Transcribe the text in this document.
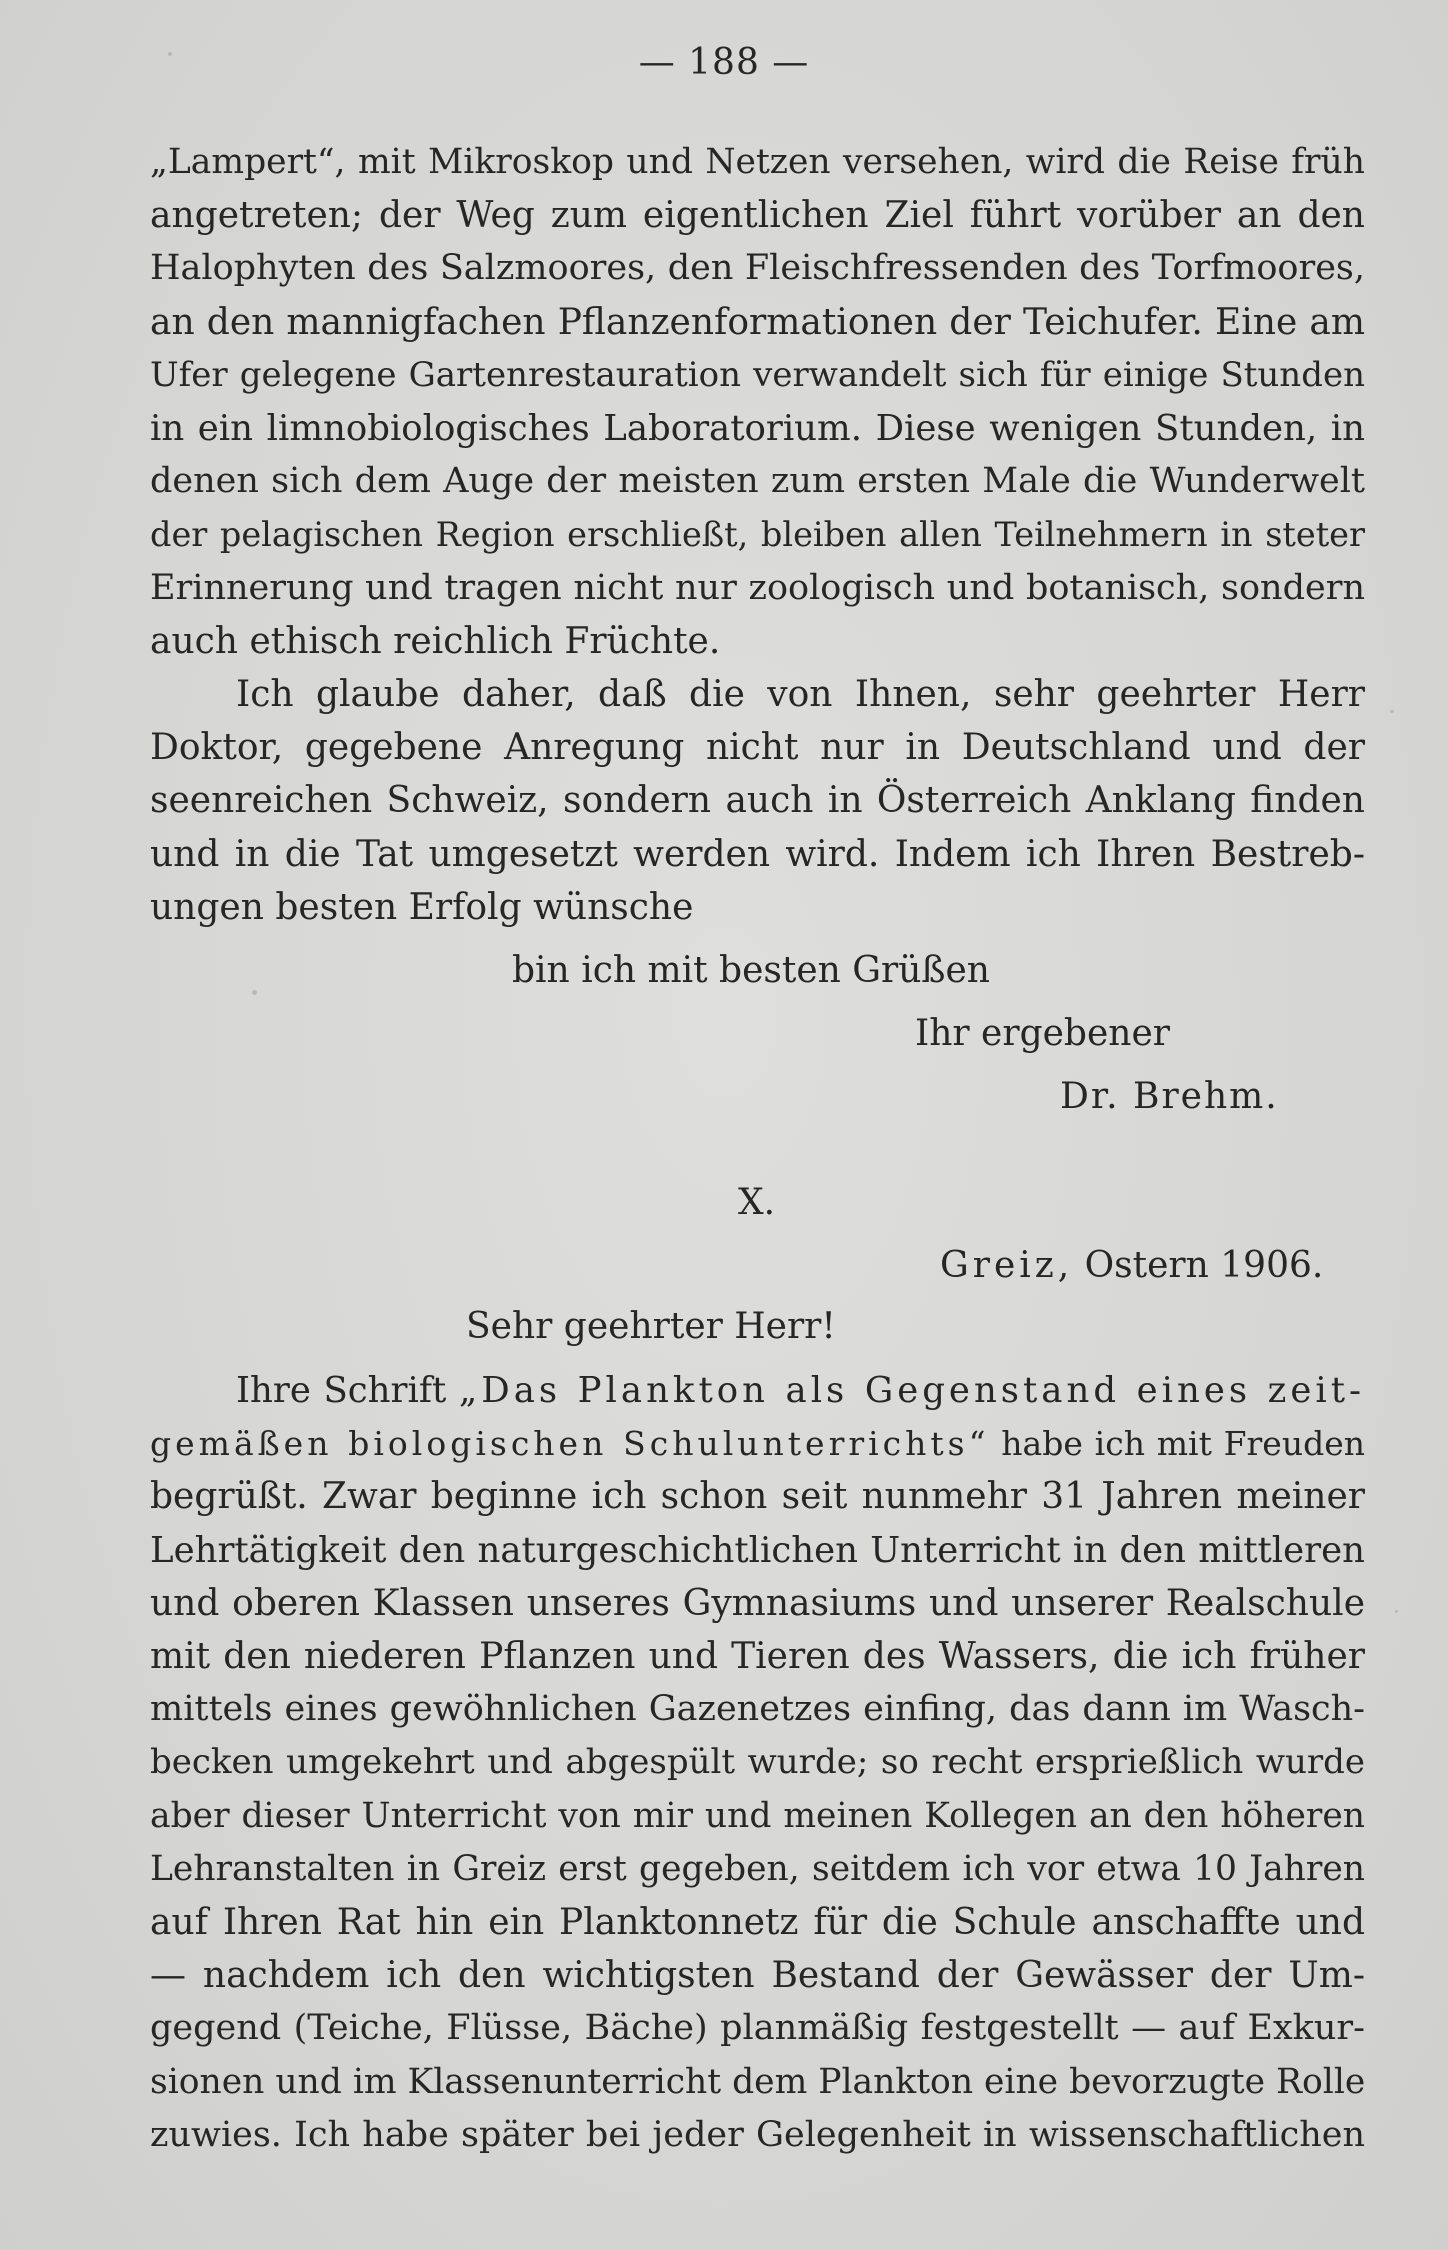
— 188 —
„Lampert“, mit Mikroskop und Netzen versehen, wird die Reise früh
angetreten; der Weg zum eigentlichen Ziel führt vorüber an den
Halophyten des Salzmoores, den Fleischfressenden des Torfmoores,
an den mannigfachen Pflanzenformationen der Teichufer. Eine am
Ufer gelegene Gartenrestauration verwandelt sich für einige Stunden
in ein limnobiologisches Laboratorium. Diese wenigen Stunden, in
denen sich dem Auge der meisten zum ersten Male die Wunderwelt
der pelagischen Region erschließt, bleiben allen Teilnehmern in steter
Erinnerung und tragen nicht nur zoologisch und botanisch, sondern
auch ethisch reichlich Früchte.
Ich glaube daher, daß die von Ihnen, sehr geehrter Herr
Doktor, gegebene Anregung nicht nur in Deutschland und der
seenreichen Schweiz, sondern auch in Österreich Anklang finden
und in die Tat umgesetzt werden wird. Indem ich Ihren Bestreb-
ungen besten Erfolg wünsche
bin ich mit besten Grüßen
Ihr ergebener
Dr. Brehm.
X.
Greiz, Ostern 1906.
Sehr geehrter Herr!
Ihre Schrift „Das Plankton als Gegenstand eines zeit-
gemäßen biologischen Schulunterrichts“ habe ich mit Freuden
begrüßt. Zwar beginne ich schon seit nunmehr 31 Jahren meiner
Lehrtätigkeit den naturgeschichtlichen Unterricht in den mittleren
und oberen Klassen unseres Gymnasiums und unserer Realschule
mit den niederen Pflanzen und Tieren des Wassers, die ich früher
mittels eines gewöhnlichen Gazenetzes einfing, das dann im Wasch-
becken umgekehrt und abgespült wurde; so recht ersprießlich wurde
aber dieser Unterricht von mir und meinen Kollegen an den höheren
Lehranstalten in Greiz erst gegeben, seitdem ich vor etwa 10 Jahren
auf Ihren Rat hin ein Planktonnetz für die Schule anschaffte und
— nachdem ich den wichtigsten Bestand der Gewässer der Um-
gegend (Teiche, Flüsse, Bäche) planmäßig festgestellt — auf Exkur-
sionen und im Klassenunterricht dem Plankton eine bevorzugte Rolle
zuwies. Ich habe später bei jeder Gelegenheit in wissenschaftlichen
